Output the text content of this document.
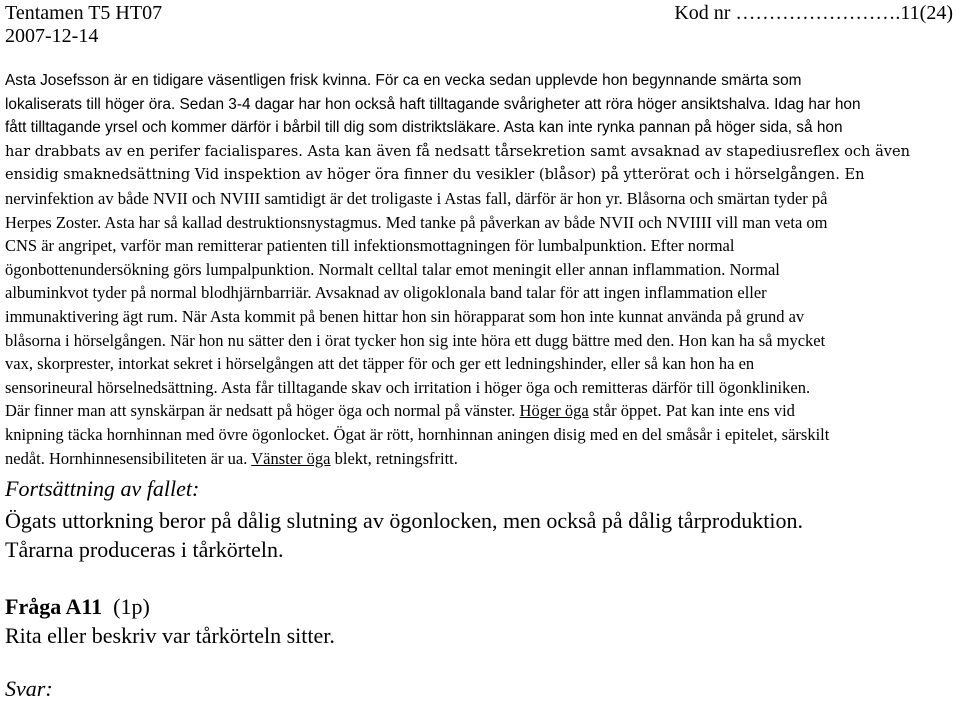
Tentamen T5 HT07
2007-12-14
Kod nr …………………….11(24)
Asta Josefsson är en tidigare väsentligen frisk kvinna. För ca en vecka sedan upplevde hon begynnande smärta som
lokaliserats till höger öra. Sedan 3-4 dagar har hon också haft tilltagande svårigheter att röra höger ansiktshalva. Idag har hon
fått tilltagande yrsel och kommer därför i bårbil till dig som distriktsläkare. Asta kan inte rynka pannan på höger sida, så hon
har drabbats av en perifer facialispares. Asta kan även få nedsatt tårsekretion samt avsaknad av stapediusreflex och även
ensidig smaknedsättning Vid inspektion av höger öra finner du vesikler (blåsor) på ytterörat och i hörselgången. En
nervinfektion av både NVII och NVIII samtidigt är det troligaste i Astas fall, därför är hon yr. Blåsorna och smärtan tyder på
Herpes Zoster. Asta har så kallad destruktionsnystagmus. Med tanke på påverkan av både NVII och NVIIII vill man veta om
CNS är angripet, varför man remitterar patienten till infektionsmottagningen för lumbalpunktion. Efter normal
ögonbottenundersökning görs lumpalpunktion. Normalt celltal talar emot meningit eller annan inflammation. Normal
albuminkvot tyder på normal blodhjärnbarriär. Avsaknad av oligoklonala band talar för att ingen inflammation eller
immunaktivering ägt rum. När Asta kommit på benen hittar hon sin hörapparat som hon inte kunnat använda på grund av
blåsorna i hörselgången. När hon nu sätter den i örat tycker hon sig inte höra ett dugg bättre med den. Hon kan ha så mycket
vax, skorprester, intorkat sekret i hörselgången att det täpper för och ger ett ledningshinder, eller så kan hon ha en
sensorineural hörselnedsättning. Asta får tilltagande skav och irritation i höger öga och remitteras därför till ögonkliniken.
Där finner man att synskärpan är nedsatt på höger öga och normal på vänster. Höger öga står öppet. Pat kan inte ens vid
knipning täcka hornhinnan med övre ögonlocket. Ögat är rött, hornhinnan aningen disig med en del småsår i epitelet, särskilt
nedåt. Hornhinnesensibiliteten är ua. Vänster öga blekt, retningsfritt.
Fortsättning av fallet:
Ögats uttorkning beror på dålig slutning av ögonlocken, men också på dålig tårproduktion.
Tårarna produceras i tårkörteln.
Fråga A11 (1p)
Rita eller beskriv var tårkörteln sitter.
Svar:
